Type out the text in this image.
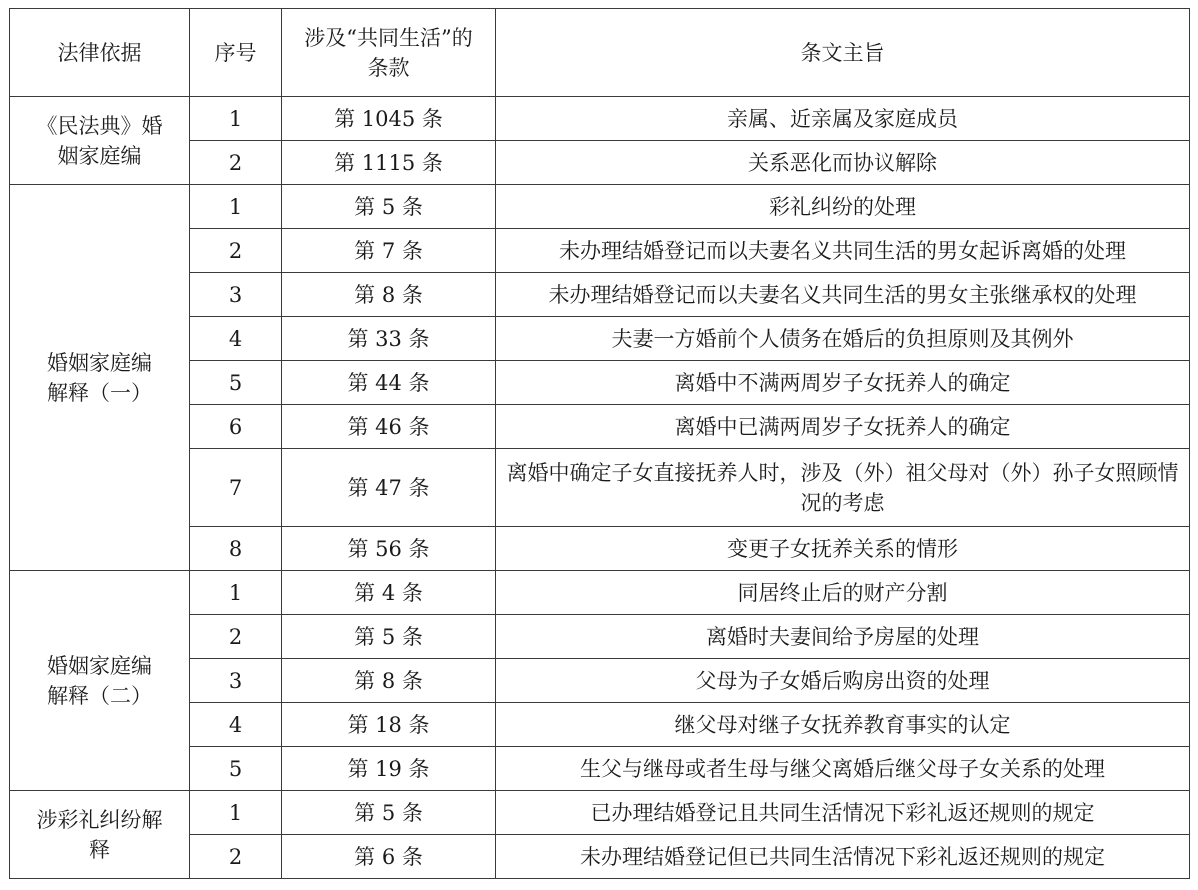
法律依据	序号	涉及“共同生活”的条款	条文主旨
《民法典》婚姻家庭编	1	第 1045 条	亲属、近亲属及家庭成员
	2	第 1115 条	关系恶化而协议解除
婚姻家庭编解释（一）	1	第 5 条	彩礼纠纷的处理
	2	第 7 条	未办理结婚登记而以夫妻名义共同生活的男女起诉离婚的处理
	3	第 8 条	未办理结婚登记而以夫妻名义共同生活的男女主张继承权的处理
	4	第 33 条	夫妻一方婚前个人债务在婚后的负担原则及其例外
	5	第 44 条	离婚中不满两周岁子女抚养人的确定
	6	第 46 条	离婚中已满两周岁子女抚养人的确定
	7	第 47 条	离婚中确定子女直接抚养人时，涉及（外）祖父母对（外）孙子女照顾情况的考虑
	8	第 56 条	变更子女抚养关系的情形
婚姻家庭编解释（二）	1	第 4 条	同居终止后的财产分割
	2	第 5 条	离婚时夫妻间给予房屋的处理
	3	第 8 条	父母为子女婚后购房出资的处理
	4	第 18 条	继父母对继子女抚养教育事实的认定
	5	第 19 条	生父与继母或者生母与继父离婚后继父母子女关系的处理
涉彩礼纠纷解释	1	第 5 条	已办理结婚登记且共同生活情况下彩礼返还规则的规定
	2	第 6 条	未办理结婚登记但已共同生活情况下彩礼返还规则的规定
